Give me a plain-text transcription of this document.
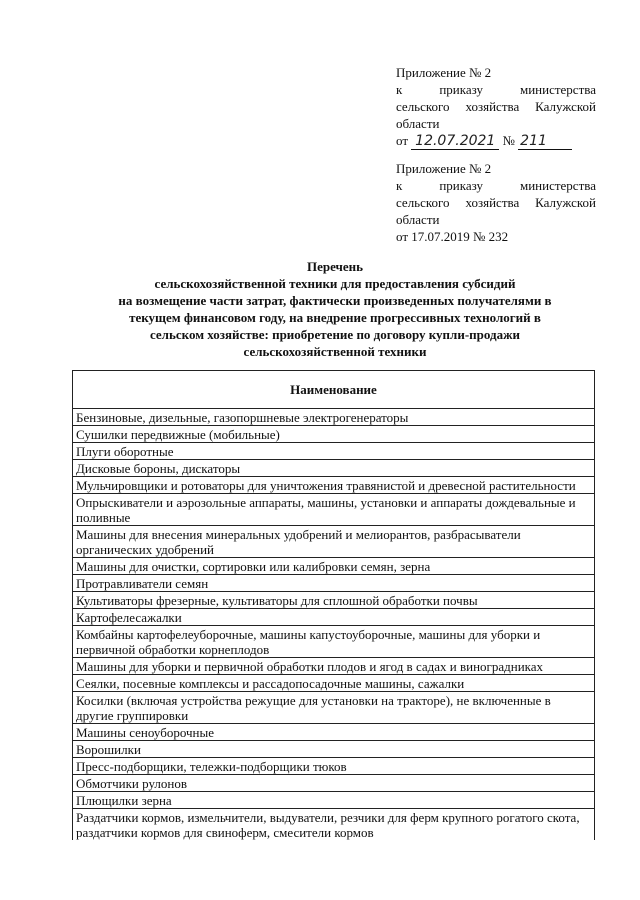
Приложение № 2
к приказу министерства
сельского хозяйства Калужской
области
от 12.07.2021 № 211
Приложение № 2
к приказу министерства
сельского хозяйства Калужской
области
от 17.07.2019 № 232
Перечень
сельскохозяйственной техники для предоставления субсидий
на возмещение части затрат, фактически произведенных получателями в
текущем финансовом году, на внедрение прогрессивных технологий в
сельском хозяйстве: приобретение по договору купли-продажи
сельскохозяйственной техники
Наименование
Бензиновые, дизельные, газопоршневые электрогенераторы
Сушилки передвижные (мобильные)
Плуги оборотные
Дисковые бороны, дискаторы
Мульчировщики и ротоваторы для уничтожения травянистой и древесной растительности
Опрыскиватели и аэрозольные аппараты, машины, установки и аппараты дождевальные и поливные
Машины для внесения минеральных удобрений и мелиорантов, разбрасыватели органических удобрений
Машины для очистки, сортировки или калибровки семян, зерна
Протравливатели семян
Культиваторы фрезерные, культиваторы для сплошной обработки почвы
Картофелесажалки
Комбайны картофелеуборочные, машины капустоуборочные, машины для уборки и первичной обработки корнеплодов
Машины для уборки и первичной обработки плодов и ягод в садах и виноградниках
Сеялки, посевные комплексы и рассадопосадочные машины, сажалки
Косилки (включая устройства режущие для установки на тракторе), не включенные в другие группировки
Машины сеноуборочные
Ворошилки
Пресс-подборщики, тележки-подборщики тюков
Обмотчики рулонов
Плющилки зерна
Раздатчики кормов, измельчители, выдуватели, резчики для ферм крупного рогатого скота, раздатчики кормов для свиноферм, смесители кормов
